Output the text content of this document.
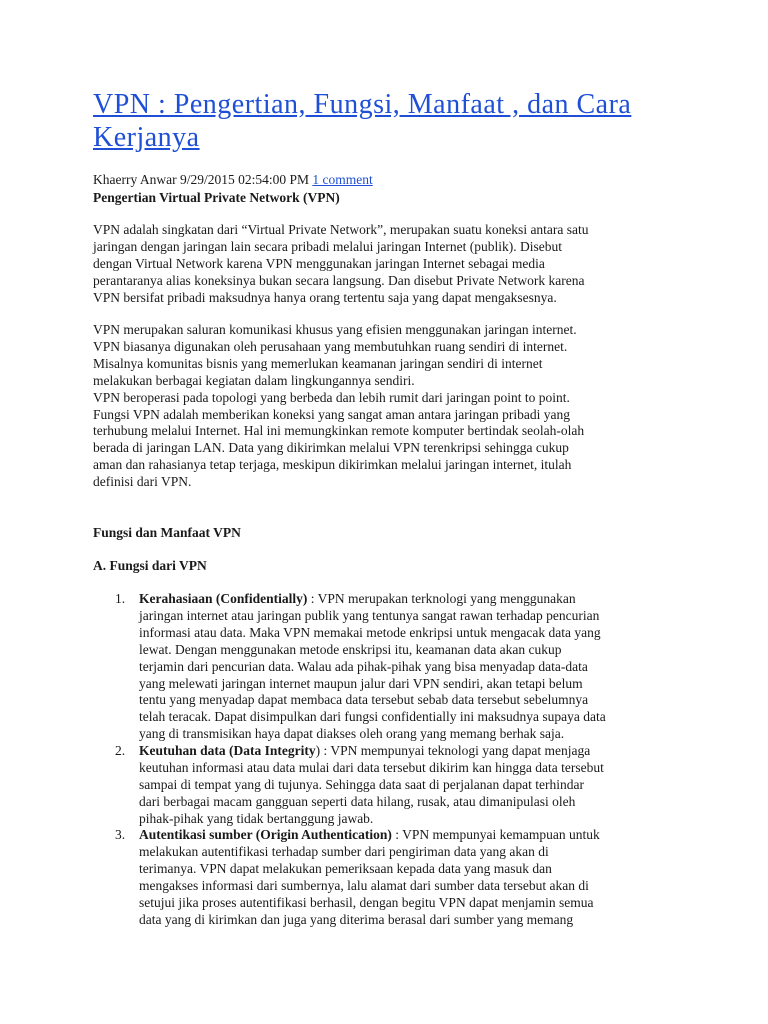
VPN : Pengertian, Fungsi, Manfaat , dan Cara Kerjanya
Khaerry Anwar 9/29/2015 02:54:00 PM 1 comment
Pengertian Virtual Private Network (VPN)
VPN adalah singkatan dari “Virtual Private Network”, merupakan suatu koneksi antara satu
jaringan dengan jaringan lain secara pribadi melalui jaringan Internet (publik). Disebut
dengan Virtual Network karena VPN menggunakan jaringan Internet sebagai media
perantaranya alias koneksinya bukan secara langsung. Dan disebut Private Network karena
VPN bersifat pribadi maksudnya hanya orang tertentu saja yang dapat mengaksesnya.
VPN merupakan saluran komunikasi khusus yang efisien menggunakan jaringan internet.
VPN biasanya digunakan oleh perusahaan yang membutuhkan ruang sendiri di internet.
Misalnya komunitas bisnis yang memerlukan keamanan jaringan sendiri di internet
melakukan berbagai kegiatan dalam lingkungannya sendiri.
VPN beroperasi pada topologi yang berbeda dan lebih rumit dari jaringan point to point.
Fungsi VPN adalah memberikan koneksi yang sangat aman antara jaringan pribadi yang
terhubung melalui Internet. Hal ini memungkinkan remote komputer bertindak seolah-olah
berada di jaringan LAN. Data yang dikirimkan melalui VPN terenkripsi sehingga cukup
aman dan rahasianya tetap terjaga, meskipun dikirimkan melalui jaringan internet, itulah
definisi dari VPN.
Fungsi dan Manfaat VPN
A. Fungsi dari VPN
1. Kerahasiaan (Confidentially) : VPN merupakan terknologi yang menggunakan
jaringan internet atau jaringan publik yang tentunya sangat rawan terhadap pencurian
informasi atau data. Maka VPN memakai metode enkripsi untuk mengacak data yang
lewat. Dengan menggunakan metode enskripsi itu, keamanan data akan cukup
terjamin dari pencurian data. Walau ada pihak-pihak yang bisa menyadap data-data
yang melewati jaringan internet maupun jalur dari VPN sendiri, akan tetapi belum
tentu yang menyadap dapat membaca data tersebut sebab data tersebut sebelumnya
telah teracak. Dapat disimpulkan dari fungsi confidentially ini maksudnya supaya data
yang di transmisikan haya dapat diakses oleh orang yang memang berhak saja.
2. Keutuhan data (Data Integrity) : VPN mempunyai teknologi yang dapat menjaga
keutuhan informasi atau data mulai dari data tersebut dikirim kan hingga data tersebut
sampai di tempat yang di tujunya. Sehingga data saat di perjalanan dapat terhindar
dari berbagai macam gangguan seperti data hilang, rusak, atau dimanipulasi oleh
pihak-pihak yang tidak bertanggung jawab.
3. Autentikasi sumber (Origin Authentication) : VPN mempunyai kemampuan untuk
melakukan autentifikasi terhadap sumber dari pengiriman data yang akan di
terimanya. VPN dapat melakukan pemeriksaan kepada data yang masuk dan
mengakses informasi dari sumbernya, lalu alamat dari sumber data tersebut akan di
setujui jika proses autentifikasi berhasil, dengan begitu VPN dapat menjamin semua
data yang di kirimkan dan juga yang diterima berasal dari sumber yang memang
